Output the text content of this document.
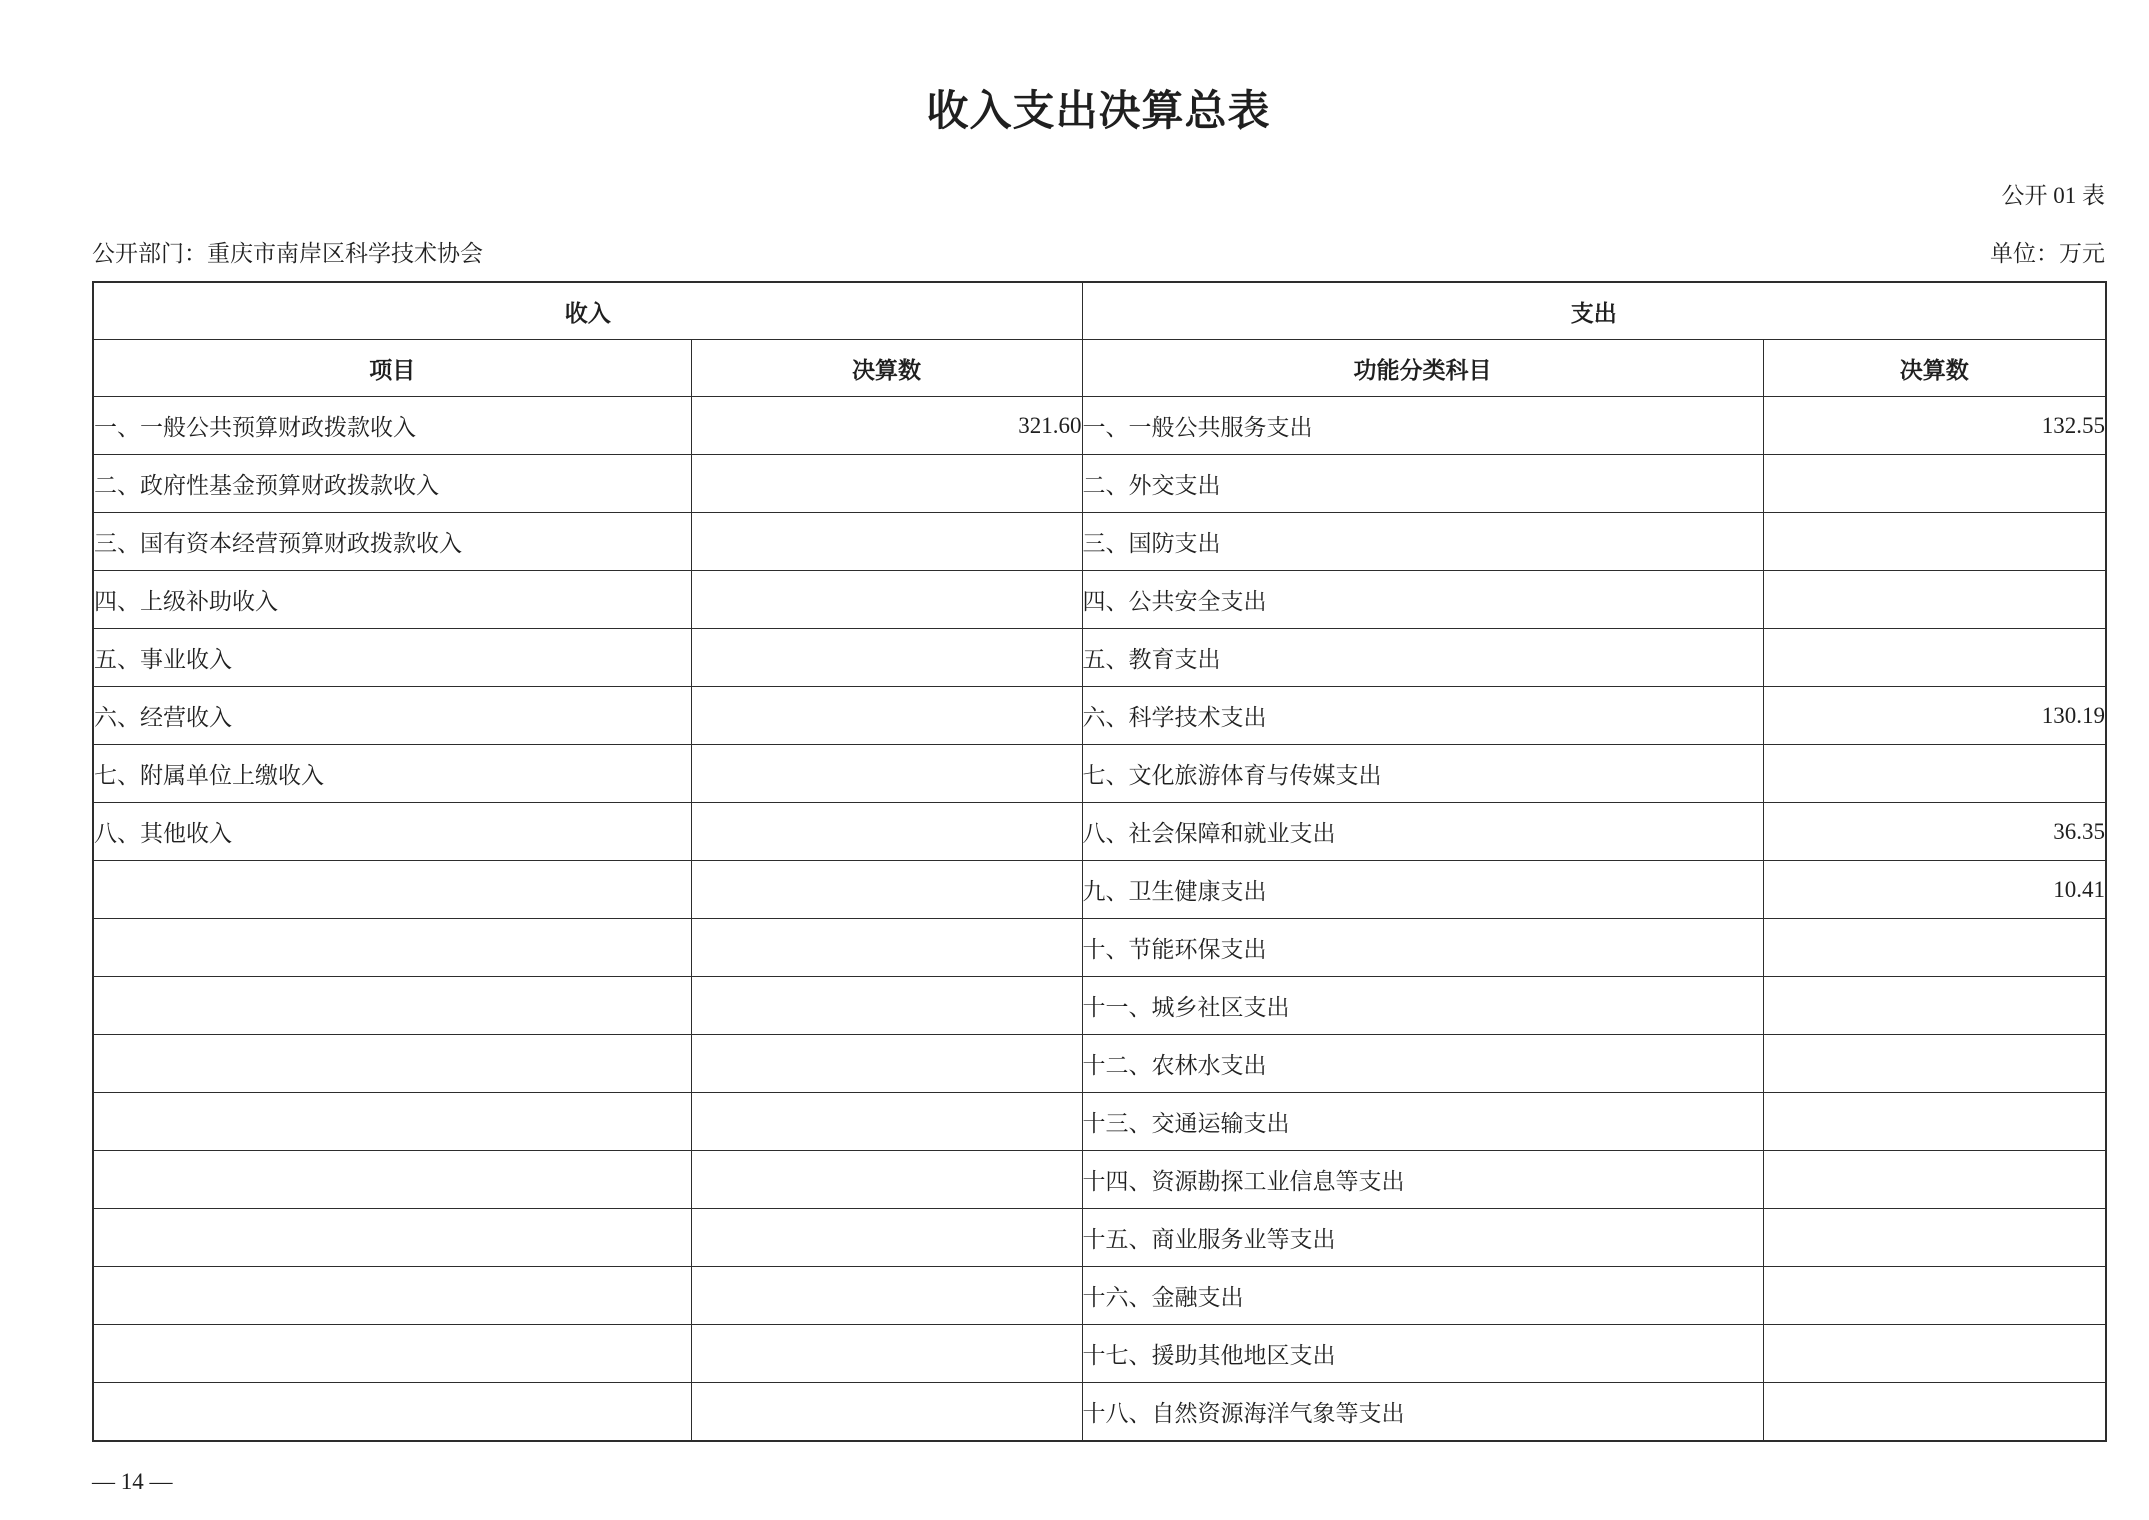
收入支出决算总表
公开 01 表
公开部门：重庆市南岸区科学技术协会	单位：万元
收入		支出	
项目	决算数	功能分类科目	决算数
一、一般公共预算财政拨款收入	321.60	一、一般公共服务支出	132.55
二、政府性基金预算财政拨款收入		二、外交支出	
三、国有资本经营预算财政拨款收入		三、国防支出	
四、上级补助收入		四、公共安全支出	
五、事业收入		五、教育支出	
六、经营收入		六、科学技术支出	130.19
七、附属单位上缴收入		七、文化旅游体育与传媒支出	
八、其他收入		八、社会保障和就业支出	36.35
		九、卫生健康支出	10.41
		十、节能环保支出	
		十一、城乡社区支出	
		十二、农林水支出	
		十三、交通运输支出	
		十四、资源勘探工业信息等支出	
		十五、商业服务业等支出	
		十六、金融支出	
		十七、援助其他地区支出	
		十八、自然资源海洋气象等支出	
— 14 —
